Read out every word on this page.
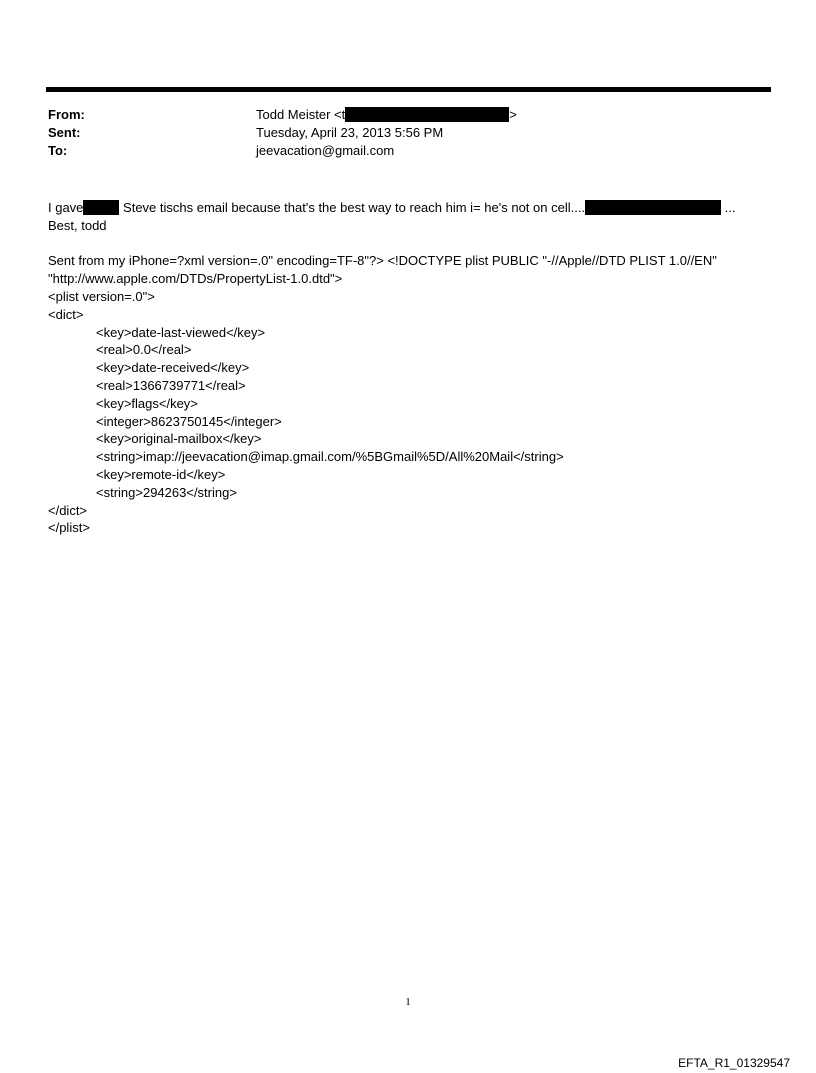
From:	Todd Meister <t	>
Sent:	Tuesday, April 23, 2013 5:56 PM
To:	jeevacation@gmail.com

I gave	Steve tischs email because that's the best way to reach him i= he's not on cell....	...

Best, todd

Sent from my iPhone=?xml version=.0" encoding=TF-8"?> <!DOCTYPE plist PUBLIC "-//Apple//DTD PLIST 1.0//EN"

"http://www.apple.com/DTDs/PropertyList-1.0.dtd">

<plist version=.0">

<dict>

<key>date-last-viewed</key>

<real>0.0</real>

<key>date-received</key>

<real>1366739771</real>

<key>flags</key>

<integer>8623750145</integer>

<key>original-mailbox</key>

<string>imap://jeevacation@imap.gmail.com/%5BGmail%5D/All%20Mail</string>

<key>remote-id</key>

<string>294263</string>

</dict>

</plist>

1
EFTA_R1_01329547
